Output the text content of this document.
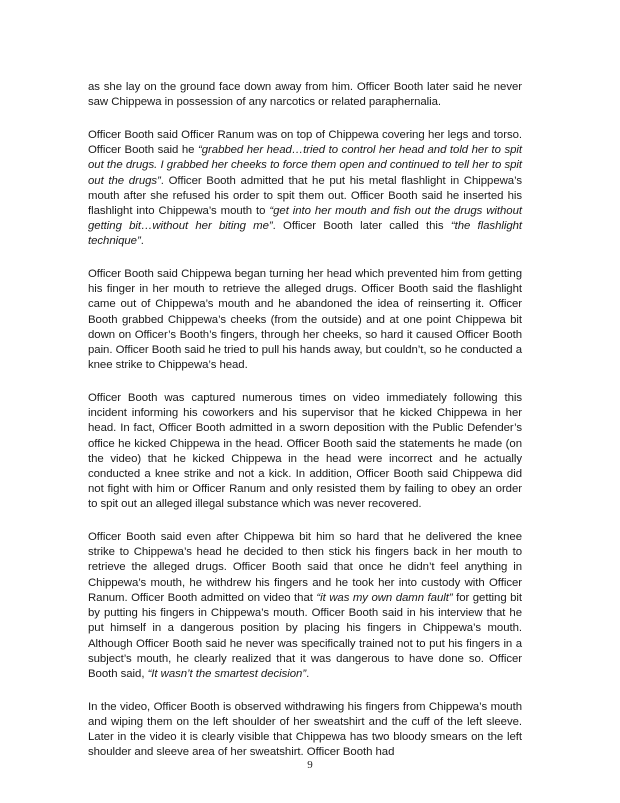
as she lay on the ground face down away from him. Officer Booth later said he never saw Chippewa in possession of any narcotics or related paraphernalia.

Officer Booth said Officer Ranum was on top of Chippewa covering her legs and torso. Officer Booth said he “grabbed her head…tried to control her head and told her to spit out the drugs. I grabbed her cheeks to force them open and continued to tell her to spit out the drugs”. Officer Booth admitted that he put his metal flashlight in Chippewa’s mouth after she refused his order to spit them out. Officer Booth said he inserted his flashlight into Chippewa’s mouth to “get into her mouth and fish out the drugs without getting bit…without her biting me”. Officer Booth later called this “the flashlight technique”.

Officer Booth said Chippewa began turning her head which prevented him from getting his finger in her mouth to retrieve the alleged drugs. Officer Booth said the flashlight came out of Chippewa’s mouth and he abandoned the idea of reinserting it. Officer Booth grabbed Chippewa’s cheeks (from the outside) and at one point Chippewa bit down on Officer’s Booth’s fingers, through her cheeks, so hard it caused Officer Booth pain. Officer Booth said he tried to pull his hands away, but couldn’t, so he conducted a knee strike to Chippewa’s head.

Officer Booth was captured numerous times on video immediately following this incident informing his coworkers and his supervisor that he kicked Chippewa in her head. In fact, Officer Booth admitted in a sworn deposition with the Public Defender’s office he kicked Chippewa in the head. Officer Booth said the statements he made (on the video) that he kicked Chippewa in the head were incorrect and he actually conducted a knee strike and not a kick. In addition, Officer Booth said Chippewa did not fight with him or Officer Ranum and only resisted them by failing to obey an order to spit out an alleged illegal substance which was never recovered.

Officer Booth said even after Chippewa bit him so hard that he delivered the knee strike to Chippewa’s head he decided to then stick his fingers back in her mouth to retrieve the alleged drugs. Officer Booth said that once he didn’t feel anything in Chippewa’s mouth, he withdrew his fingers and he took her into custody with Officer Ranum. Officer Booth admitted on video that “it was my own damn fault” for getting bit by putting his fingers in Chippewa’s mouth. Officer Booth said in his interview that he put himself in a dangerous position by placing his fingers in Chippewa’s mouth. Although Officer Booth said he never was specifically trained not to put his fingers in a subject’s mouth, he clearly realized that it was dangerous to have done so. Officer Booth said, “It wasn’t the smartest decision”.

In the video, Officer Booth is observed withdrawing his fingers from Chippewa’s mouth and wiping them on the left shoulder of her sweatshirt and the cuff of the left sleeve. Later in the video it is clearly visible that Chippewa has two bloody smears on the left shoulder and sleeve area of her sweatshirt. Officer Booth had

9
